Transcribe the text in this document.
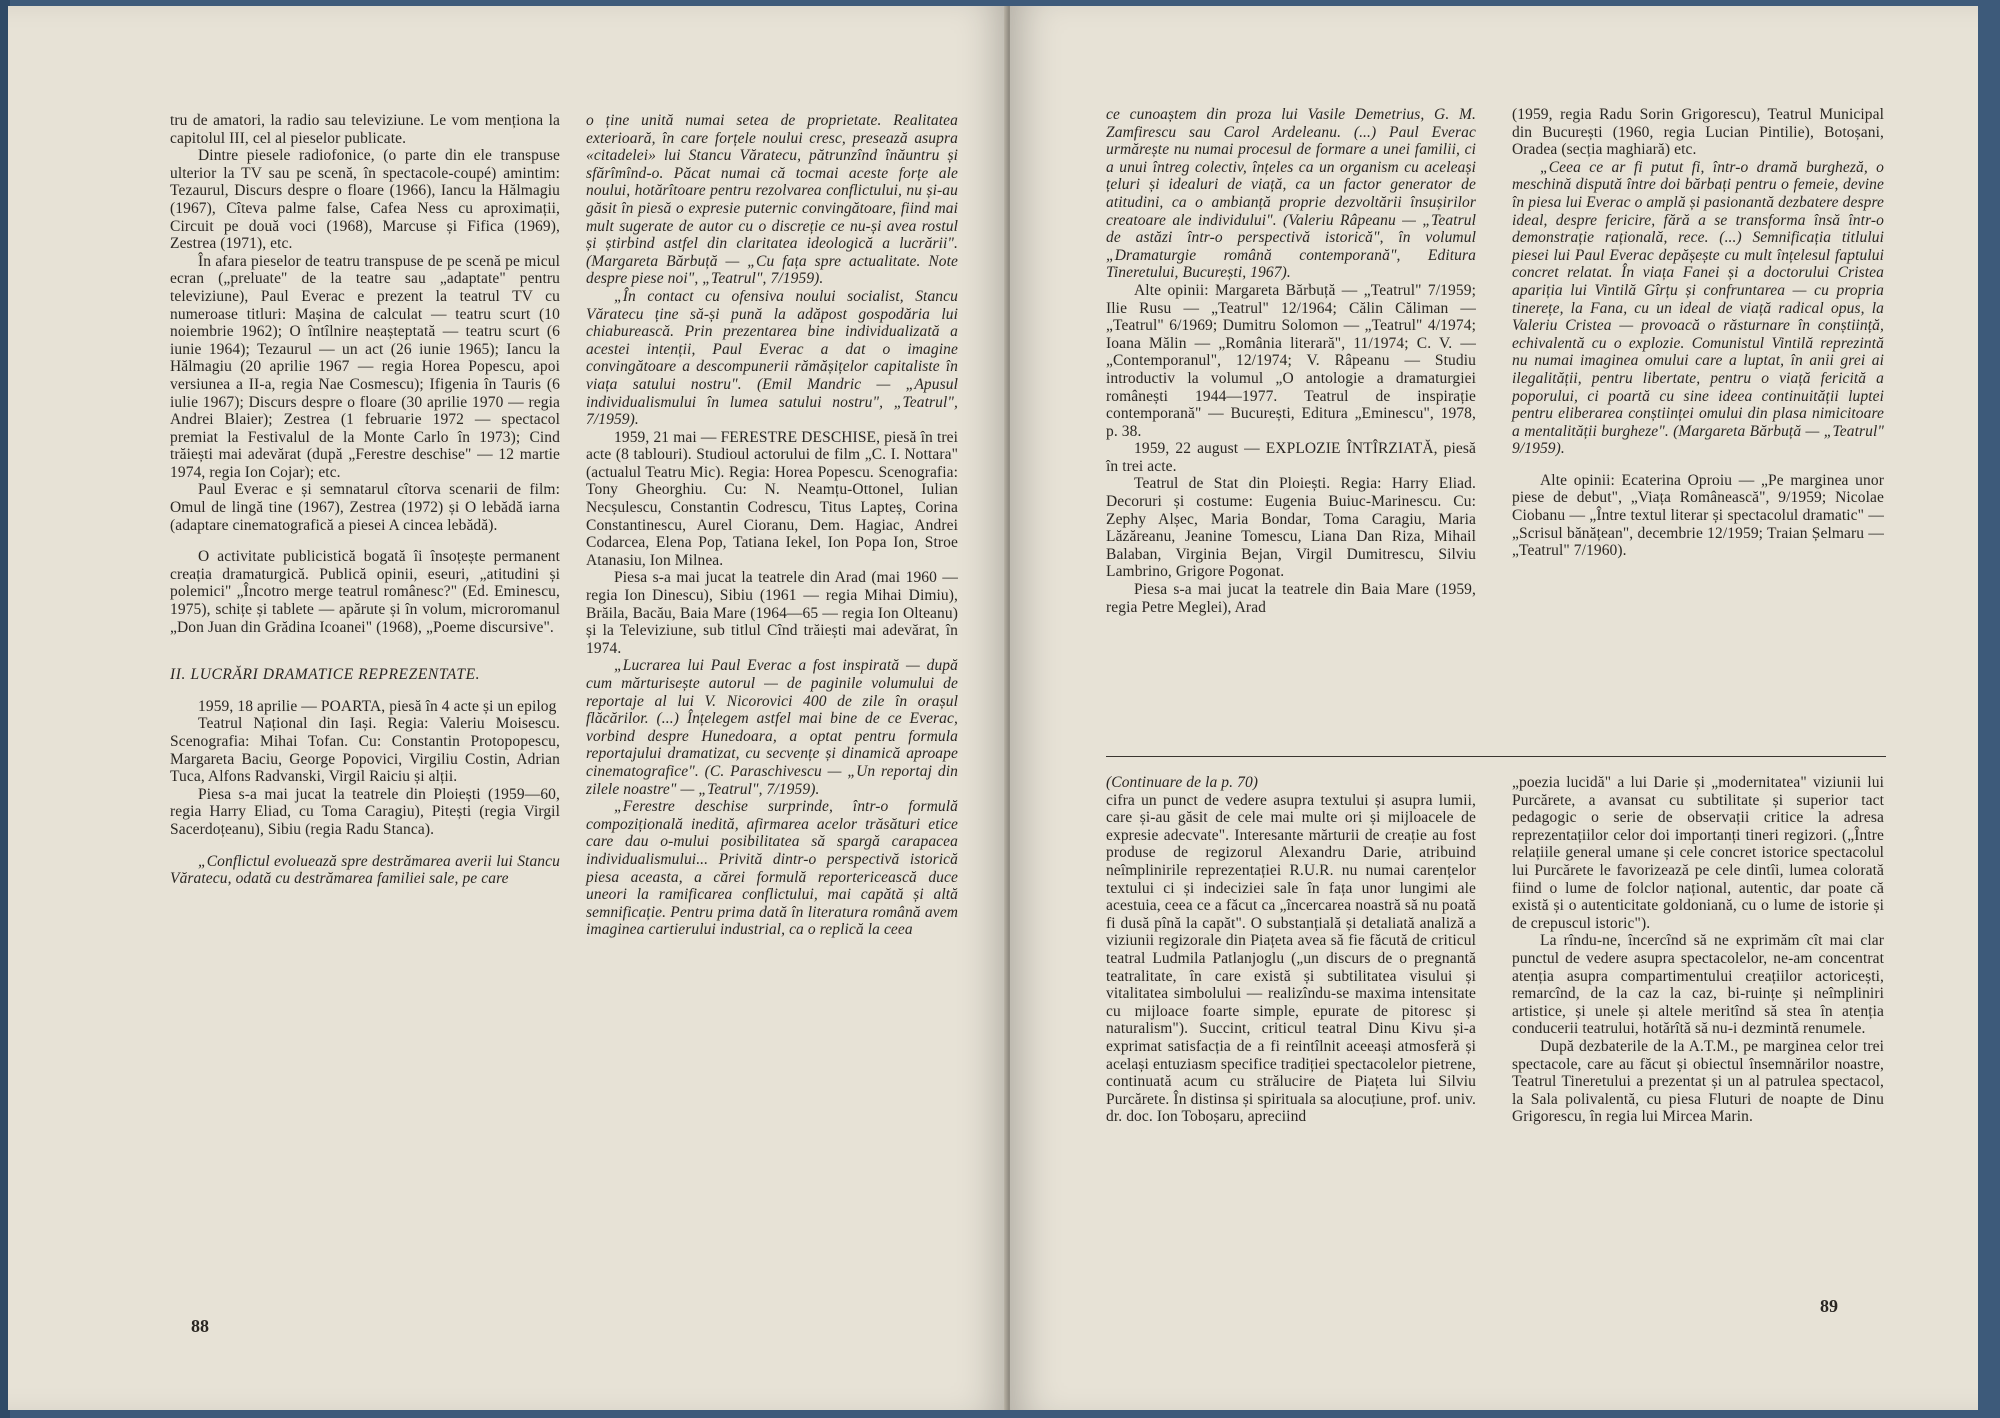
tru de amatori, la radio sau televiziune. Le vom menționa la capitolul III, cel al pieselor publicate.

Dintre piesele radiofonice, (o parte din ele transpuse ulterior la TV sau pe scenă, în spectacole-coupé) amintim: Tezaurul, Discurs despre o floare (1966), Iancu la Hălmagiu (1967), Cîteva palme false, Cafea Ness cu aproximații, Circuit pe două voci (1968), Marcuse și Fifica (1969), Zestrea (1971), etc.

În afara pieselor de teatru transpuse de pe scenă pe micul ecran („preluate" de la teatre sau „adaptate" pentru televiziune), Paul Everac e prezent la teatrul TV cu numeroase titluri: Mașina de calculat — teatru scurt (10 noiembrie 1962); O întîlnire neașteptată — teatru scurt (6 iunie 1964); Tezaurul — un act (26 iunie 1965); Iancu la Hălmagiu (20 aprilie 1967 — regia Horea Popescu, apoi versiunea a II-a, regia Nae Cosmescu); Ifigenia în Tauris (6 iulie 1967); Discurs despre o floare (30 aprilie 1970 — regia Andrei Blaier); Zestrea (1 februarie 1972 — spectacol premiat la Festivalul de la Monte Carlo în 1973); Cind trăiești mai adevărat (după „Ferestre deschise" — 12 martie 1974, regia Ion Cojar); etc.

Paul Everac e și semnatarul cîtorva scenarii de film: Omul de lingă tine (1967), Zestrea (1972) și O lebădă iarna (adaptare cinematografică a piesei A cincea lebădă).

O activitate publicistică bogată îi însoțește permanent creația dramaturgică. Publică opinii, eseuri, „atitudini și polemici" „Încotro merge teatrul românesc?" (Ed. Eminescu, 1975), schițe și tablete — apărute și în volum, microromanul „Don Juan din Grădina Icoanei" (1968), „Poeme discursive".

II. LUCRĂRI DRAMATICE REPREZENTATE.

1959, 18 aprilie — POARTA, piesă în 4 acte și un epilog

Teatrul Național din Iași. Regia: Valeriu Moisescu. Scenografia: Mihai Tofan. Cu: Constantin Protopopescu, Margareta Baciu, George Popovici, Virgiliu Costin, Adrian Tuca, Alfons Radvanski, Virgil Raiciu și alții.

Piesa s-a mai jucat la teatrele din Ploiești (1959—60, regia Harry Eliad, cu Toma Caragiu), Pitești (regia Virgil Sacerdoțeanu), Sibiu (regia Radu Stanca).

„Conflictul evoluează spre destrămarea averii lui Stancu Văratecu, odată cu destrămarea familiei sale, pe care

o ține unită numai setea de proprietate. Realitatea exterioară, în care forțele noului cresc, presează asupra «citadelei» lui Stancu Văratecu, pătrunzînd înăuntru și sfărîmînd-o. Păcat numai că tocmai aceste forțe ale noului, hotărîtoare pentru rezolvarea conflictului, nu și-au găsit în piesă o expresie puternic convingătoare, fiind mai mult sugerate de autor cu o discreție ce nu-și avea rostul și știrbind astfel din claritatea ideologică a lucrării". (Margareta Bărbuță — „Cu fața spre actualitate. Note despre piese noi", „Teatrul", 7/1959).

„În contact cu ofensiva noului socialist, Stancu Văratecu ține să-și pună la adăpost gospodăria lui chiaburească. Prin prezentarea bine individualizată a acestei intenții, Paul Everac a dat o imagine convingătoare a descompunerii rămășițelor capitaliste în viața satului nostru". (Emil Mandric — „Apusul individualismului în lumea satului nostru", „Teatrul", 7/1959).

1959, 21 mai — FERESTRE DESCHISE, piesă în trei acte (8 tablouri). Studioul actorului de film „C. I. Nottara" (actualul Teatru Mic). Regia: Horea Popescu. Scenografia: Tony Gheorghiu. Cu: N. Neamțu-Ottonel, Iulian Necșulescu, Constantin Codrescu, Titus Lapteș, Corina Constantinescu, Aurel Cioranu, Dem. Hagiac, Andrei Codarcea, Elena Pop, Tatiana Iekel, Ion Popa Ion, Stroe Atanasiu, Ion Milnea.

Piesa s-a mai jucat la teatrele din Arad (mai 1960 — regia Ion Dinescu), Sibiu (1961 — regia Mihai Dimiu), Brăila, Bacău, Baia Mare (1964—65 — regia Ion Olteanu) și la Televiziune, sub titlul Cînd trăiești mai adevărat, în 1974.

„Lucrarea lui Paul Everac a fost inspirată — după cum mărturisește autorul — de paginile volumului de reportaje al lui V. Nicorovici 400 de zile în orașul flăcărilor. (...) Înțelegem astfel mai bine de ce Everac, vorbind despre Hunedoara, a optat pentru formula reportajului dramatizat, cu secvențe și dinamică aproape cinematografice". (C. Paraschivescu — „Un reportaj din zilele noastre" — „Teatrul", 7/1959).

„Ferestre deschise surprinde, într-o formulă compozițională inedită, afirmarea acelor trăsături etice care dau o-mului posibilitatea să spargă carapacea individualismului... Privită dintr-o perspectivă istorică piesa aceasta, a cărei formulă reportericească duce uneori la ramificarea conflictului, mai capătă și altă semnificație. Pentru prima dată în literatura română avem imaginea cartierului industrial, ca o replică la ceea

88

ce cunoaștem din proza lui Vasile Demetrius, G. M. Zamfirescu sau Carol Ardeleanu. (...) Paul Everac urmărește nu numai procesul de formare a unei familii, ci a unui întreg colectiv, înțeles ca un organism cu aceleași țeluri și idealuri de viață, ca un factor generator de atitudini, ca o ambianță proprie dezvoltării însușirilor creatoare ale individului". (Valeriu Râpeanu — „Teatrul de astăzi într-o perspectivă istorică", în volumul „Dramaturgie română contemporană", Editura Tineretului, București, 1967).

Alte opinii: Margareta Bărbuță — „Teatrul" 7/1959; Ilie Rusu — „Teatrul" 12/1964; Călin Căliman — „Teatrul" 6/1969; Dumitru Solomon — „Teatrul" 4/1974; Ioana Mălin — „România literară", 11/1974; C. V. — „Contemporanul", 12/1974; V. Râpeanu — Studiu introductiv la volumul „O antologie a dramaturgiei românești 1944—1977. Teatrul de inspirație contemporană" — București, Editura „Eminescu", 1978, p. 38.

1959, 22 august — EXPLOZIE ÎNTÎRZIATĂ, piesă în trei acte.

Teatrul de Stat din Ploiești. Regia: Harry Eliad. Decoruri și costume: Eugenia Buiuc-Marinescu. Cu: Zephy Alșec, Maria Bondar, Toma Caragiu, Maria Lăzăreanu, Jeanine Tomescu, Liana Dan Riza, Mihail Balaban, Virginia Bejan, Virgil Dumitrescu, Silviu Lambrino, Grigore Pogonat.

Piesa s-a mai jucat la teatrele din Baia Mare (1959, regia Petre Meglei), Arad

(1959, regia Radu Sorin Grigorescu), Teatrul Municipal din București (1960, regia Lucian Pintilie), Botoșani, Oradea (secția maghiară) etc.

„Ceea ce ar fi putut fi, într-o dramă burgheză, o meschină dispută între doi bărbați pentru o femeie, devine în piesa lui Everac o amplă și pasionantă dezbatere despre ideal, despre fericire, fără a se transforma însă într-o demonstrație rațională, rece. (...) Semnificația titlului piesei lui Paul Everac depășește cu mult înțelesul faptului concret relatat. În viața Fanei și a doctorului Cristea apariția lui Vintilă Gîrțu și confruntarea — cu propria tinerețe, la Fana, cu un ideal de viață radical opus, la Valeriu Cristea — provoacă o răsturnare în conștiință, echivalentă cu o explozie. Comunistul Vintilă reprezintă nu numai imaginea omului care a luptat, în anii grei ai ilegalității, pentru libertate, pentru o viață fericită a poporului, ci poartă cu sine ideea continuității luptei pentru eliberarea conștiinței omului din plasa nimicitoare a mentalității burgheze". (Margareta Bărbuță — „Teatrul" 9/1959).

Alte opinii: Ecaterina Oproiu — „Pe marginea unor piese de debut", „Viața Românească", 9/1959; Nicolae Ciobanu — „Între textul literar și spectacolul dramatic" — „Scrisul bănățean", decembrie 12/1959; Traian Șelmaru — „Teatrul" 7/1960).

(Continuare de la p. 70)

cifra un punct de vedere asupra textului și asupra lumii, care și-au găsit de cele mai multe ori și mijloacele de expresie adecvate". Interesante mărturii de creație au fost produse de regizorul Alexandru Darie, atribuind neîmplinirile reprezentației R.U.R. nu numai carențelor textului ci și indeciziei sale în fața unor lungimi ale acestuia, ceea ce a făcut ca „încercarea noastră să nu poată fi dusă pînă la capăt". O substanțială și detaliată analiză a viziunii regizorale din Piațeta avea să fie făcută de criticul teatral Ludmila Patlanjoglu („un discurs de o pregnantă teatralitate, în care există și subtilitatea visului și vitalitatea simbolului — realizîndu-se maxima intensitate cu mijloace foarte simple, epurate de pitoresc și naturalism"). Succint, criticul teatral Dinu Kivu și-a exprimat satisfacția de a fi reintîlnit aceeași atmosferă și același entuziasm specifice tradiției spectacolelor pietrene, continuată acum cu strălucire de Piațeta lui Silviu Purcărete. În distinsa și spirituala sa alocuțiune, prof. univ. dr. doc. Ion Toboșaru, apreciind

„poezia lucidă" a lui Darie și „modernitatea" viziunii lui Purcărete, a avansat cu subtilitate și superior tact pedagogic o serie de observații critice la adresa reprezentațiilor celor doi importanți tineri regizori. („Între relațiile general umane și cele concret istorice spectacolul lui Purcărete le favorizează pe cele dintîi, lumea colorată fiind o lume de folclor național, autentic, dar poate că există și o autenticitate goldoniană, cu o lume de istorie și de crepuscul istoric").

La rîndu-ne, încercînd să ne exprimăm cît mai clar punctul de vedere asupra spectacolelor, ne-am concentrat atenția asupra compartimentului creațiilor actoricești, remarcînd, de la caz la caz, bi-ruințe și neîmpliniri artistice, și unele și altele meritînd să stea în atenția conducerii teatrului, hotărîtă să nu-i dezmintă renumele.

După dezbaterile de la A.T.M., pe marginea celor trei spectacole, care au făcut și obiectul însemnărilor noastre, Teatrul Tineretului a prezentat și un al patrulea spectacol, la Sala polivalentă, cu piesa Fluturi de noapte de Dinu Grigorescu, în regia lui Mircea Marin.

89
